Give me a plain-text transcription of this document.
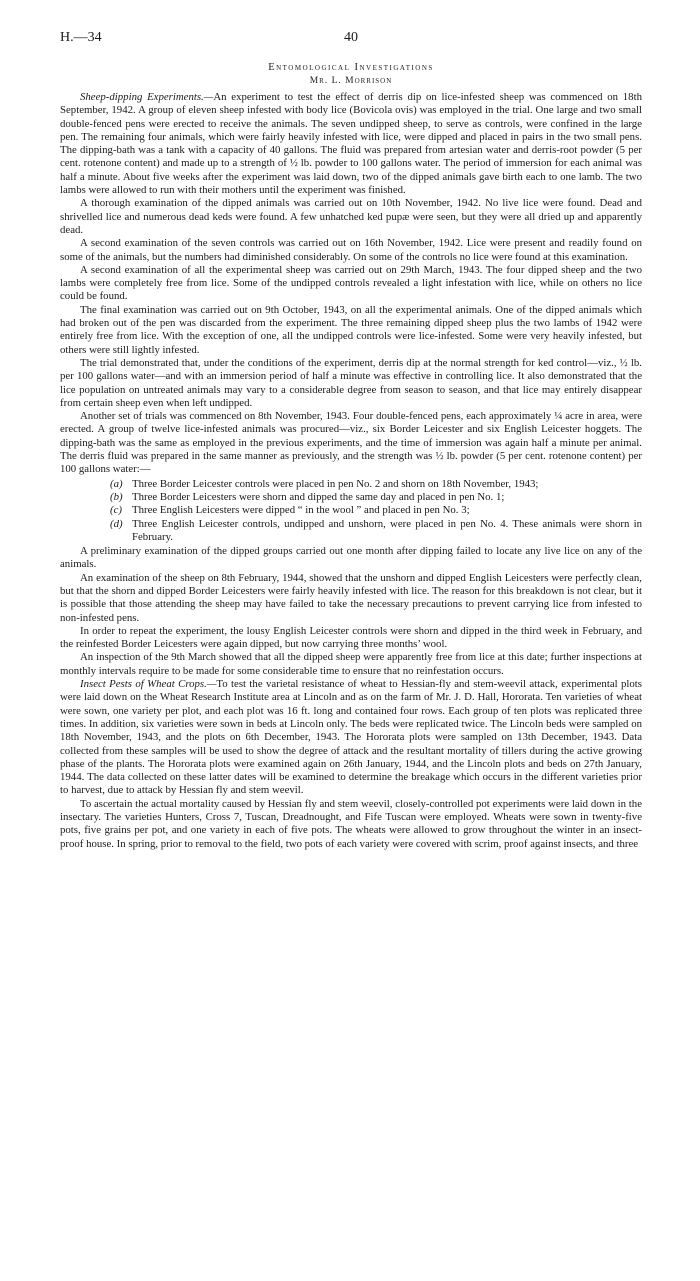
H.—34	40
Entomological Investigations
Mr. L. Morrison

Sheep-dipping Experiments.—An experiment to test the effect of derris dip on lice-infested sheep was commenced on 18th September, 1942. A group of eleven sheep infested with body lice (Bovicola ovis) was employed in the trial. One large and two small double-fenced pens were erected to receive the animals. The seven undipped sheep, to serve as controls, were confined in the large pen. The remaining four animals, which were fairly heavily infested with lice, were dipped and placed in pairs in the two small pens. The dipping-bath was a tank with a capacity of 40 gallons. The fluid was prepared from artesian water and derris-root powder (5 per cent. rotenone content) and made up to a strength of ½ lb. powder to 100 gallons water. The period of immersion for each animal was half a minute. About five weeks after the experiment was laid down, two of the dipped animals gave birth each to one lamb. The two lambs were allowed to run with their mothers until the experiment was finished.

A thorough examination of the dipped animals was carried out on 10th November, 1942. No live lice were found. Dead and shrivelled lice and numerous dead keds were found. A few unhatched ked pupæ were seen, but they were all dried up and apparently dead.

A second examination of the seven controls was carried out on 16th November, 1942. Lice were present and readily found on some of the animals, but the numbers had diminished considerably. On some of the controls no lice were found at this examination.

A second examination of all the experimental sheep was carried out on 29th March, 1943. The four dipped sheep and the two lambs were completely free from lice. Some of the undipped controls revealed a light infestation with lice, while on others no lice could be found.

The final examination was carried out on 9th October, 1943, on all the experimental animals. One of the dipped animals which had broken out of the pen was discarded from the experiment. The three remaining dipped sheep plus the two lambs of 1942 were entirely free from lice. With the exception of one, all the undipped controls were lice-infested. Some were very heavily infested, but others were still lightly infested.

The trial demonstrated that, under the conditions of the experiment, derris dip at the normal strength for ked control—viz., ½ lb. per 100 gallons water—and with an immersion period of half a minute was effective in controlling lice. It also demonstrated that the lice population on untreated animals may vary to a considerable degree from season to season, and that lice may entirely disappear from certain sheep even when left undipped.

Another set of trials was commenced on 8th November, 1943. Four double-fenced pens, each approximately ¼ acre in area, were erected. A group of twelve lice-infested animals was procured—viz., six Border Leicester and six English Leicester hoggets. The dipping-bath was the same as employed in the previous experiments, and the time of immersion was again half a minute per animal. The derris fluid was prepared in the same manner as previously, and the strength was ½ lb. powder (5 per cent. rotenone content) per 100 gallons water:—

(a) Three Border Leicester controls were placed in pen No. 2 and shorn on 18th November, 1943;
(b) Three Border Leicesters were shorn and dipped the same day and placed in pen No. 1;
(c) Three English Leicesters were dipped “ in the wool ” and placed in pen No. 3;
(d) Three English Leicester controls, undipped and unshorn, were placed in pen No. 4. These animals were shorn in February.

A preliminary examination of the dipped groups carried out one month after dipping failed to locate any live lice on any of the animals.

An examination of the sheep on 8th February, 1944, showed that the unshorn and dipped English Leicesters were perfectly clean, but that the shorn and dipped Border Leicesters were fairly heavily infested with lice. The reason for this breakdown is not clear, but it is possible that those attending the sheep may have failed to take the necessary precautions to prevent carrying lice from infested to non-infested pens.

In order to repeat the experiment, the lousy English Leicester controls were shorn and dipped in the third week in February, and the reinfested Border Leicesters were again dipped, but now carrying three months’ wool.

An inspection of the 9th March showed that all the dipped sheep were apparently free from lice at this date; further inspections at monthly intervals require to be made for some considerable time to ensure that no reinfestation occurs.

Insect Pests of Wheat Crops.—To test the varietal resistance of wheat to Hessian-fly and stem-weevil attack, experimental plots were laid down on the Wheat Research Institute area at Lincoln and as on the farm of Mr. J. D. Hall, Hororata. Ten varieties of wheat were sown, one variety per plot, and each plot was 16 ft. long and contained four rows. Each group of ten plots was replicated three times. In addition, six varieties were sown in beds at Lincoln only. The beds were replicated twice. The Lincoln beds were sampled on 18th November, 1943, and the plots on 6th December, 1943. The Hororata plots were sampled on 13th December, 1943. Data collected from these samples will be used to show the degree of attack and the resultant mortality of tillers during the active growing phase of the plants. The Hororata plots were examined again on 26th January, 1944, and the Lincoln plots and beds on 27th January, 1944. The data collected on these latter dates will be examined to determine the breakage which occurs in the different varieties prior to harvest, due to attack by Hessian fly and stem weevil.

To ascertain the actual mortality caused by Hessian fly and stem weevil, closely-controlled pot experiments were laid down in the insectary. The varieties Hunters, Cross 7, Tuscan, Dreadnought, and Fife Tuscan were employed. Wheats were sown in twenty-five pots, five grains per pot, and one variety in each of five pots. The wheats were allowed to grow throughout the winter in an insect-proof house. In spring, prior to removal to the field, two pots of each variety were covered with scrim, proof against insects, and three
